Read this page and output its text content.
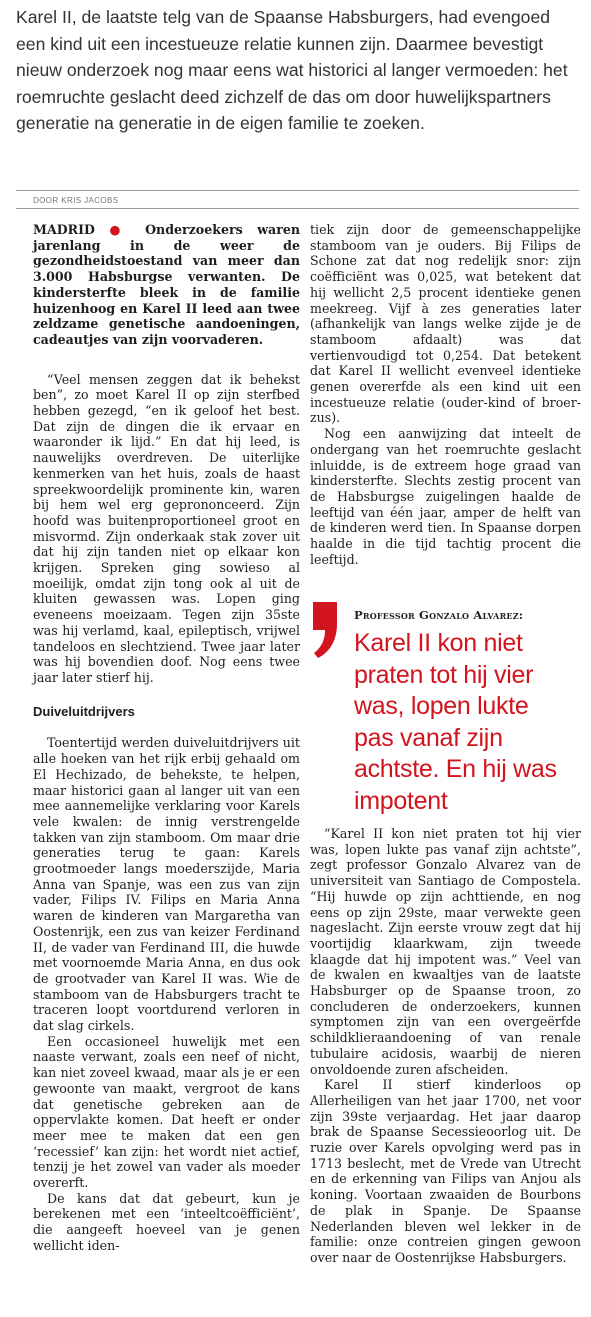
Karel II, de laatste telg van de Spaanse Habsburgers, had evengoed een kind uit een incestueuze relatie kunnen zijn. Daarmee bevestigt nieuw onderzoek nog maar eens wat historici al langer vermoeden: het roemruchte geslacht deed zichzelf de das om door huwelijkspartners generatie na generatie in de eigen familie te zoeken.

DOOR KRIS JACOBS

MADRID ● Onderzoekers waren jarenlang in de weer de gezondheidstoestand van meer dan 3.000 Habsburgse verwanten. De kindersterfte bleek in de familie huizenhoog en Karel II leed aan twee zeldzame genetische aandoeningen, cadeautjes van zijn voorvaderen.

“Veel mensen zeggen dat ik behekst ben”, zo moet Karel II op zijn sterfbed hebben gezegd, “en ik geloof het best. Dat zijn de dingen die ik ervaar en waaronder ik lijd.” En dat hij leed, is nauwelijks overdreven. De uiterlijke kenmerken van het huis, zoals de haast spreekwoordelijk prominente kin, waren bij hem wel erg geprononceerd. Zijn hoofd was buitenproportioneel groot en misvormd. Zijn onderkaak stak zover uit dat hij zijn tanden niet op elkaar kon krijgen. Spreken ging sowieso al moeilijk, omdat zijn tong ook al uit de kluiten gewassen was. Lopen ging eveneens moeizaam. Tegen zijn 35ste was hij verlamd, kaal, epileptisch, vrijwel tandeloos en slechtziend. Twee jaar later was hij bovendien doof. Nog eens twee jaar later stierf hij.

Duiveluitdrijvers

Toentertijd werden duiveluitdrijvers uit alle hoeken van het rijk erbij gehaald om El Hechizado, de behekste, te helpen, maar historici gaan al langer uit van een mee aannemelijke verklaring voor Karels vele kwalen: de innig verstrengelde takken van zijn stamboom. Om maar drie generaties terug te gaan: Karels grootmoeder langs moederszijde, Maria Anna van Spanje, was een zus van zijn vader, Filips IV. Filips en Maria Anna waren de kinderen van Margaretha van Oostenrijk, een zus van keizer Ferdinand II, de vader van Ferdinand III, die huwde met voornoemde Maria Anna, en dus ook de grootvader van Karel II was. Wie de stamboom van de Habsburgers tracht te traceren loopt voortdurend verloren in dat slag cirkels.

Een occasioneel huwelijk met een naaste verwant, zoals een neef of nicht, kan niet zoveel kwaad, maar als je er een gewoonte van maakt, vergroot de kans dat genetische gebreken aan de oppervlakte komen. Dat heeft er onder meer mee te maken dat een gen ‘recessief’ kan zijn: het wordt niet actief, tenzij je het zowel van vader als moeder overerft.

De kans dat dat gebeurt, kun je berekenen met een ‘inteeltcoëfficiënt’, die aangeeft hoeveel van je genen wellicht iden-

tiek zijn door de gemeenschappelijke stamboom van je ouders. Bij Filips de Schone zat dat nog redelijk snor: zijn coëfficiënt was 0,025, wat betekent dat hij wellicht 2,5 procent identieke genen meekreeg. Vijf à zes generaties later (afhankelijk van langs welke zijde je de stamboom afdaalt) was dat vertienvoudigd tot 0,254. Dat betekent dat Karel II wellicht evenveel identieke genen overerfde als een kind uit een incestueuze relatie (ouder-kind of broer-zus).

Nog een aanwijzing dat inteelt de ondergang van het roemruchte geslacht inluidde, is de extreem hoge graad van kindersterfte. Slechts zestig procent van de Habsburgse zuigelingen haalde de leeftijd van één jaar, amper de helft van de kinderen werd tien. In Spaanse dorpen haalde in die tijd tachtig procent die leeftijd.

Professor Gonzalo Alvarez:

Karel II kon niet praten tot hij vier was, lopen lukte pas vanaf zijn achtste. En hij was impotent

“Karel II kon niet praten tot hij vier was, lopen lukte pas vanaf zijn achtste”, zegt professor Gonzalo Alvarez van de universiteit van Santiago de Compostela. “Hij huwde op zijn achttiende, en nog eens op zijn 29ste, maar verwekte geen nageslacht. Zijn eerste vrouw zegt dat hij voortijdig klaarkwam, zijn tweede klaagde dat hij impotent was.” Veel van de kwalen en kwaaltjes van de laatste Habsburger op de Spaanse troon, zo concluderen de onderzoekers, kunnen symptomen zijn van een overgeërfde schildklieraandoening of van renale tubulaire acidosis, waarbij de nieren onvoldoende zuren afscheiden.

Karel II stierf kinderloos op Allerheiligen van het jaar 1700, net voor zijn 39ste verjaardag. Het jaar daarop brak de Spaanse Secessieoorlog uit. De ruzie over Karels opvolging werd pas in 1713 beslecht, met de Vrede van Utrecht en de erkenning van Filips van Anjou als koning. Voortaan zwaaiden de Bourbons de plak in Spanje. De Spaanse Nederlanden bleven wel lekker in de familie: onze contreien gingen gewoon over naar de Oostenrijkse Habsburgers.
